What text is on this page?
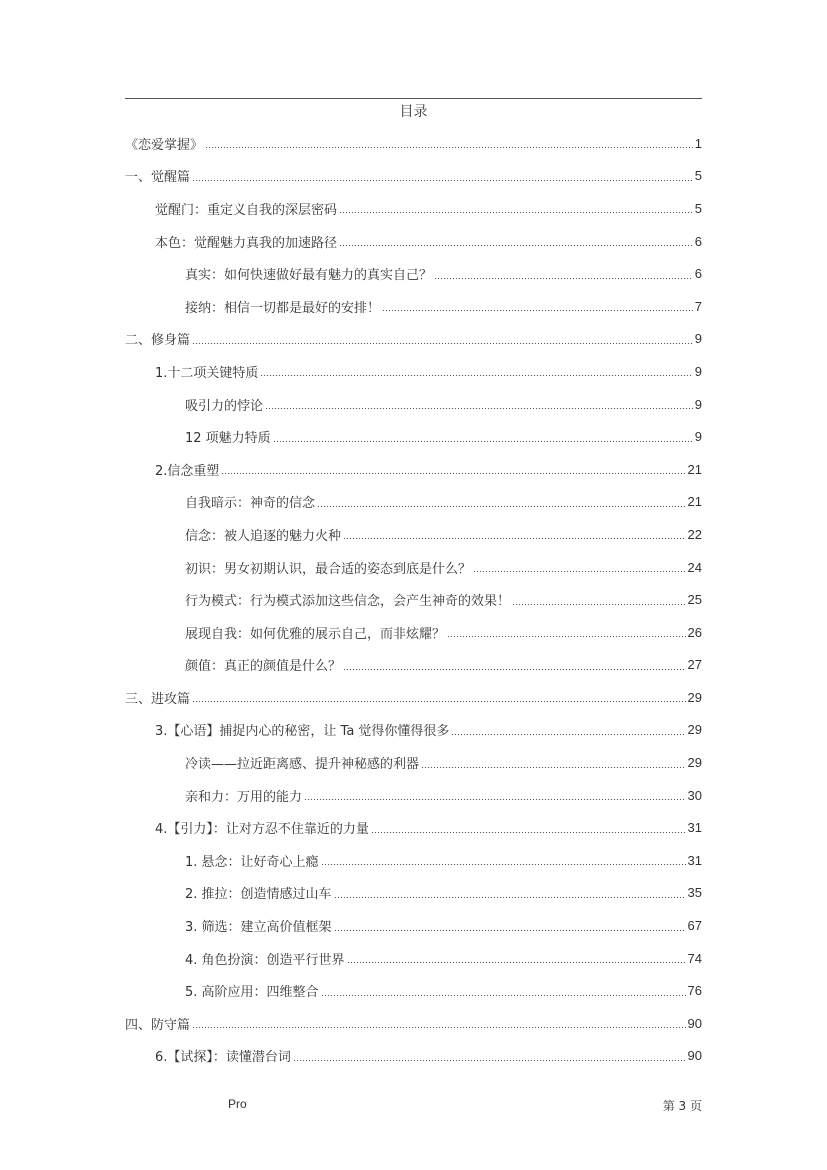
目录
《恋爱掌握》	1
一、觉醒篇	5
觉醒门：重定义自我的深层密码	5
本色：觉醒魅力真我的加速路径	6
真实：如何快速做好最有魅力的真实自己？	6
接纳：相信一切都是最好的安排！	7
二、修身篇	9
1.十二项关键特质	9
吸引力的悖论	9
12 项魅力特质	9
2.信念重塑	21
自我暗示：神奇的信念	21
信念：被人追逐的魅力火种	22
初识：男女初期认识，最合适的姿态到底是什么？	24
行为模式：行为模式添加这些信念，会产生神奇的效果！	25
展现自我：如何优雅的展示自己，而非炫耀？	26
颜值：真正的颜值是什么？	27
三、进攻篇	29
3.【心语】捕捉内心的秘密，让 Ta 觉得你懂得很多	29
冷读——拉近距离感、提升神秘感的利器	29
亲和力：万用的能力	30
4.【引力】：让对方忍不住靠近的力量	31
1. 悬念：让好奇心上瘾	31
2. 推拉：创造情感过山车	35
3. 筛选：建立高价值框架	67
4. 角色扮演：创造平行世界	74
5. 高阶应用：四维整合	76
四、防守篇	90
6.【试探】：读懂潜台词	90
Pro	第 3 页
